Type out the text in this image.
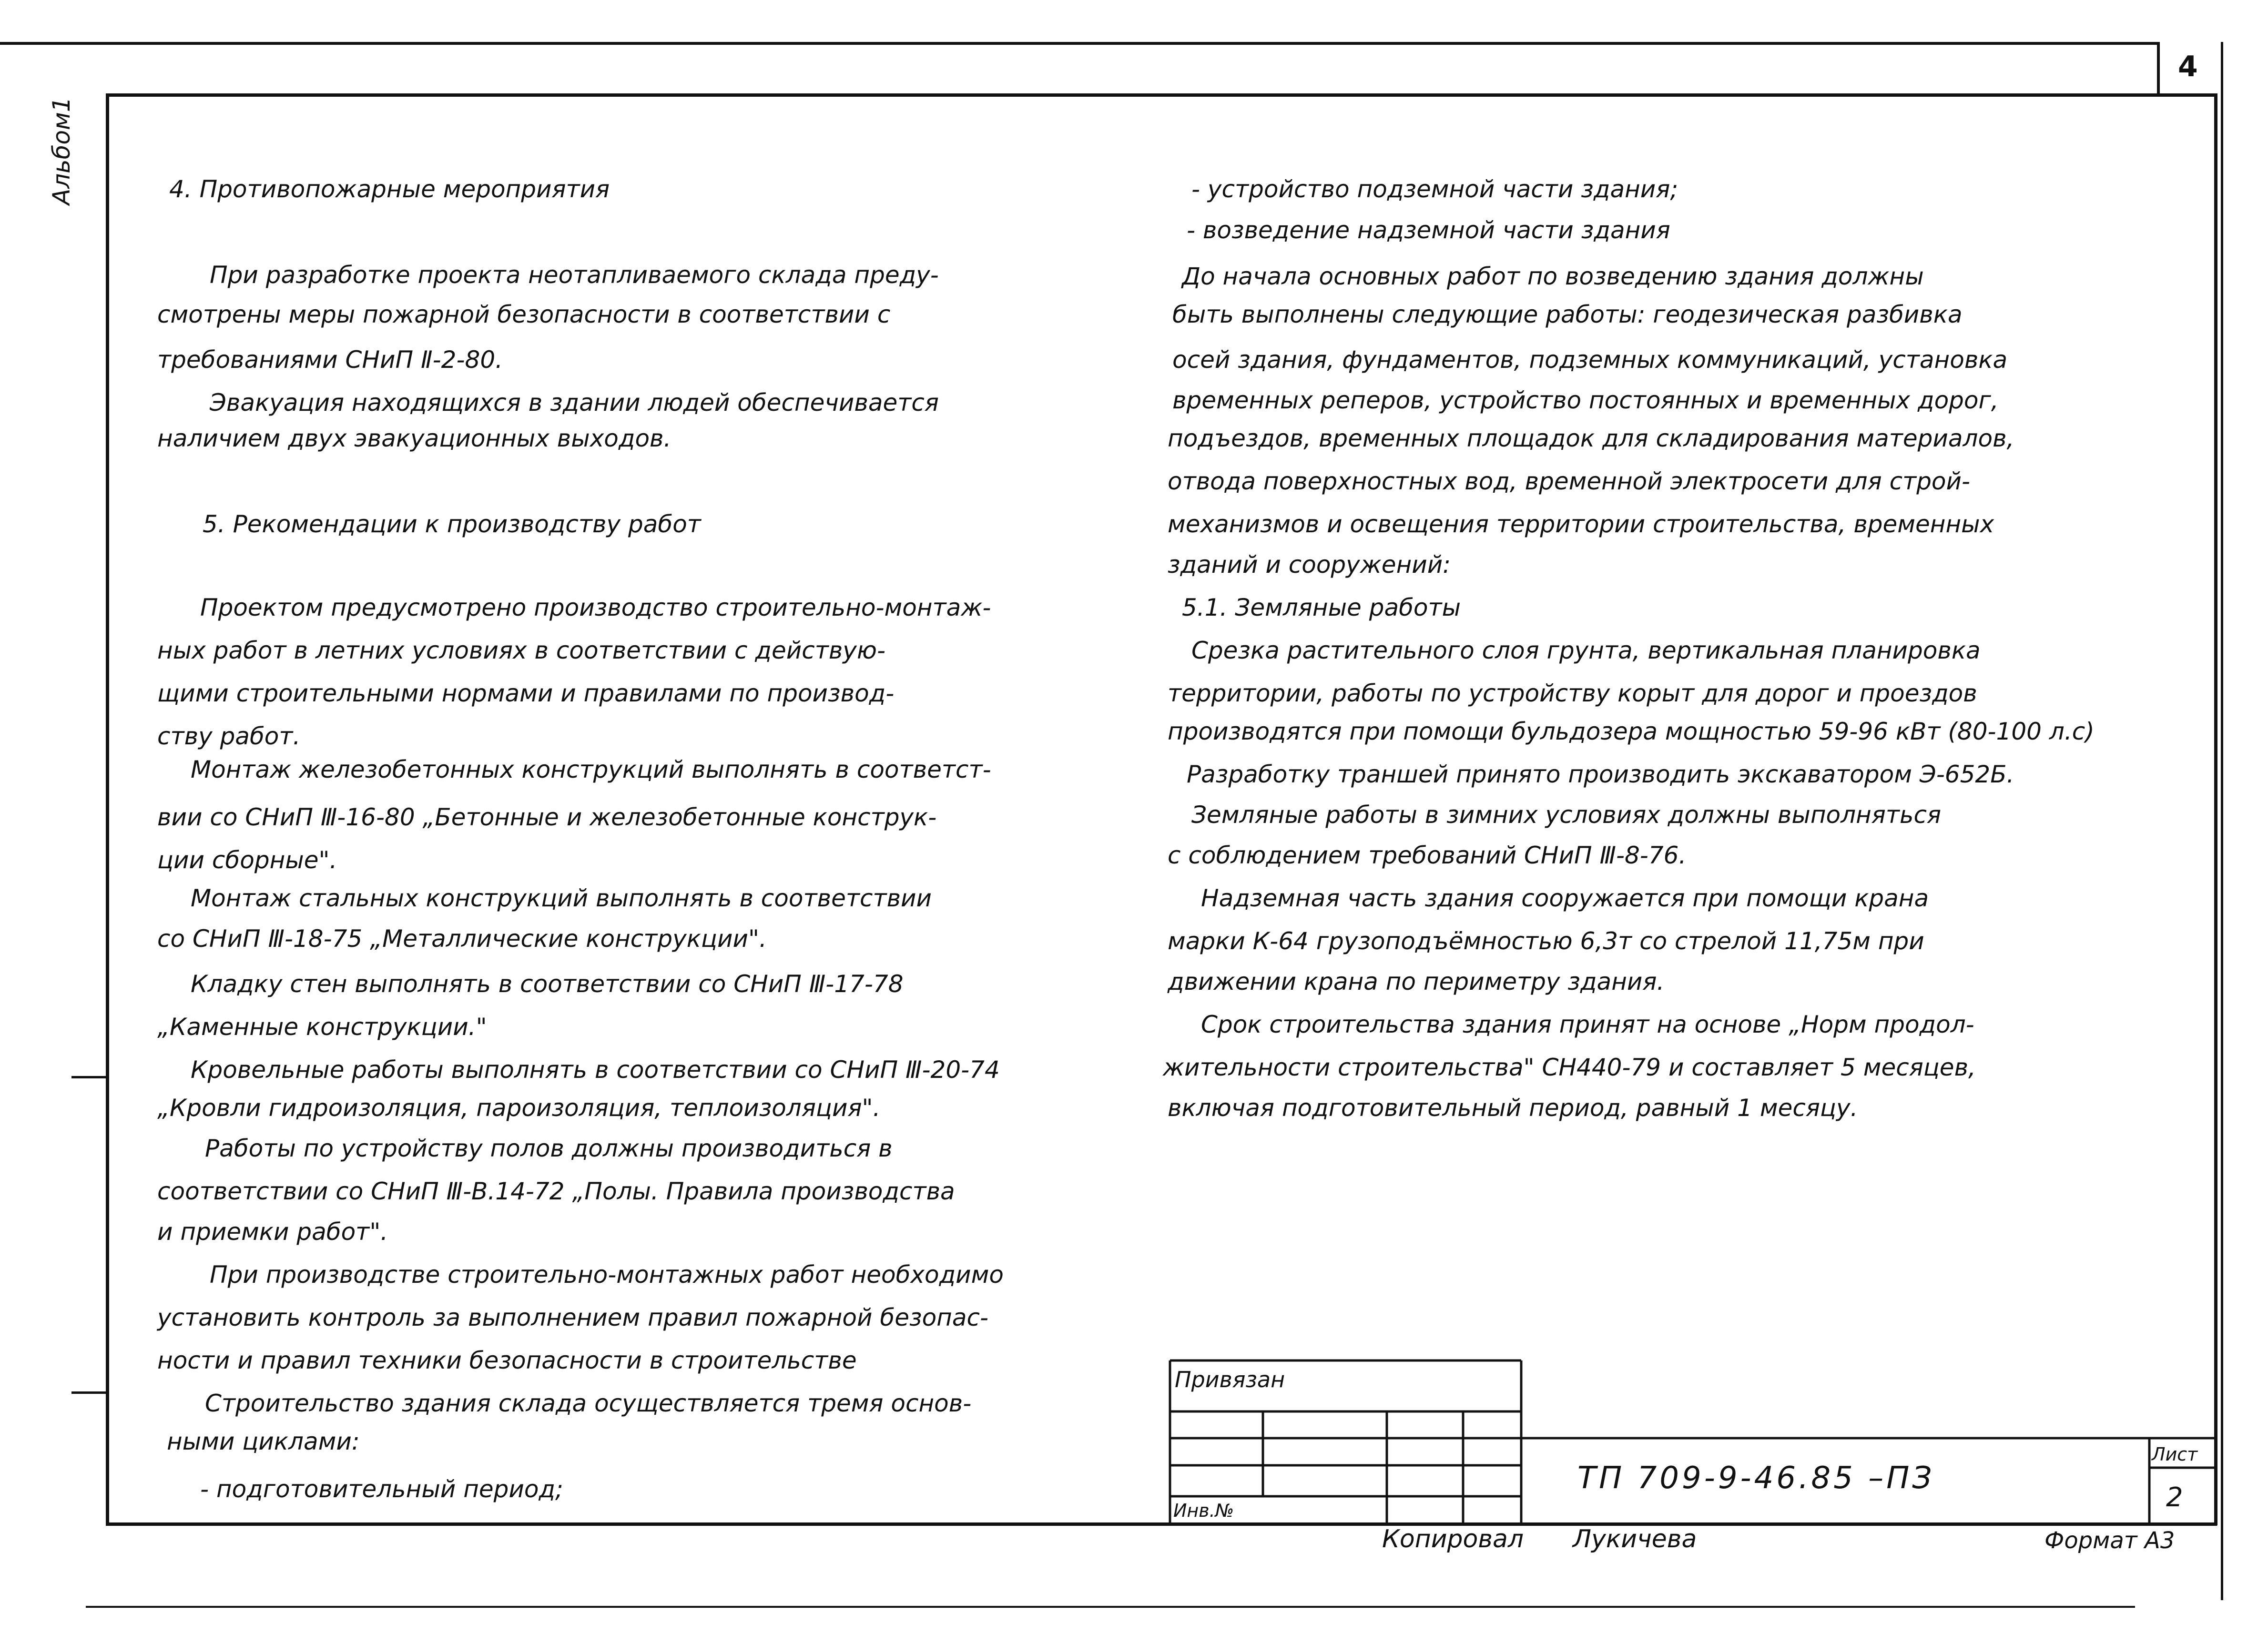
4
Альбом1	4. Противопожарные мероприятия
При разработке проекта неотапливаемого склада преду-
смотрены меры пожарной безопасности в соответствии с
требованиями СНиП Ⅱ-2-80.
Эвакуация находящихся в здании людей обеспечивается
наличием двух эвакуационных выходов.
5. Рекомендации к производству работ
Проектом предусмотрено производство строительно-монтаж-
ных работ в летних условиях в соответствии с действую-
щими строительными нормами и правилами по производ-
ству работ.
Монтаж железобетонных конструкций выполнять в соответст-
вии со СНиП Ⅲ-16-80 „Бетонные и железобетонные конструк-
ции сборные".
Монтаж стальных конструкций выполнять в соответствии
со СНиП Ⅲ-18-75 „Металлические конструкции".
Кладку стен выполнять в соответствии со СНиП Ⅲ-17-78
„Каменные конструкции."
Кровельные работы выполнять в соответствии со СНиП Ⅲ-20-74
„Кровли гидроизоляция, пароизоляция, теплоизоляция".
Работы по устройству полов должны производиться в
соответствии со СНиП Ⅲ-В.14-72 „Полы. Правила производства
и приемки работ".
При производстве строительно-монтажных работ необходимо
установить контроль за выполнением правил пожарной безопас-
ности и правил техники безопасности в строительстве
Строительство здания склада осуществляется тремя основ-
ными циклами:
- подготовительный период;
- устройство подземной части здания;
- возведение надземной части здания
До начала основных работ по возведению здания должны
быть выполнены следующие работы: геодезическая разбивка
осей здания, фундаментов, подземных коммуникаций, установка
временных реперов, устройство постоянных и временных дорог,
подъездов, временных площадок для складирования материалов,
отвода поверхностных вод, временной электросети для строй-
механизмов и освещения территории строительства, временных
зданий и сооружений:
5.1. Земляные работы
Срезка растительного слоя грунта, вертикальная планировка
территории, работы по устройству корыт для дорог и проездов
производятся при помощи бульдозера мощностью 59-96 кВт (80-100 л.с)
Разработку траншей принято производить экскаватором Э-652Б.
Земляные работы в зимних условиях должны выполняться
с соблюдением требований СНиП Ⅲ-8-76.
Надземная часть здания сооружается при помощи крана
марки К-64 грузоподъёмностью 6,3т со стрелой 11,75м при
движении крана по периметру здания.
Срок строительства здания принят на основе „Норм продол-
жительности строительства" СН440-79 и составляет 5 месяцев,
включая подготовительный период, равный 1 месяцу.
Привязан
Инв.№
ТП 709-9-46.85 –ПЗ
Лист
2
Копировал Лукичева	Формат А3
